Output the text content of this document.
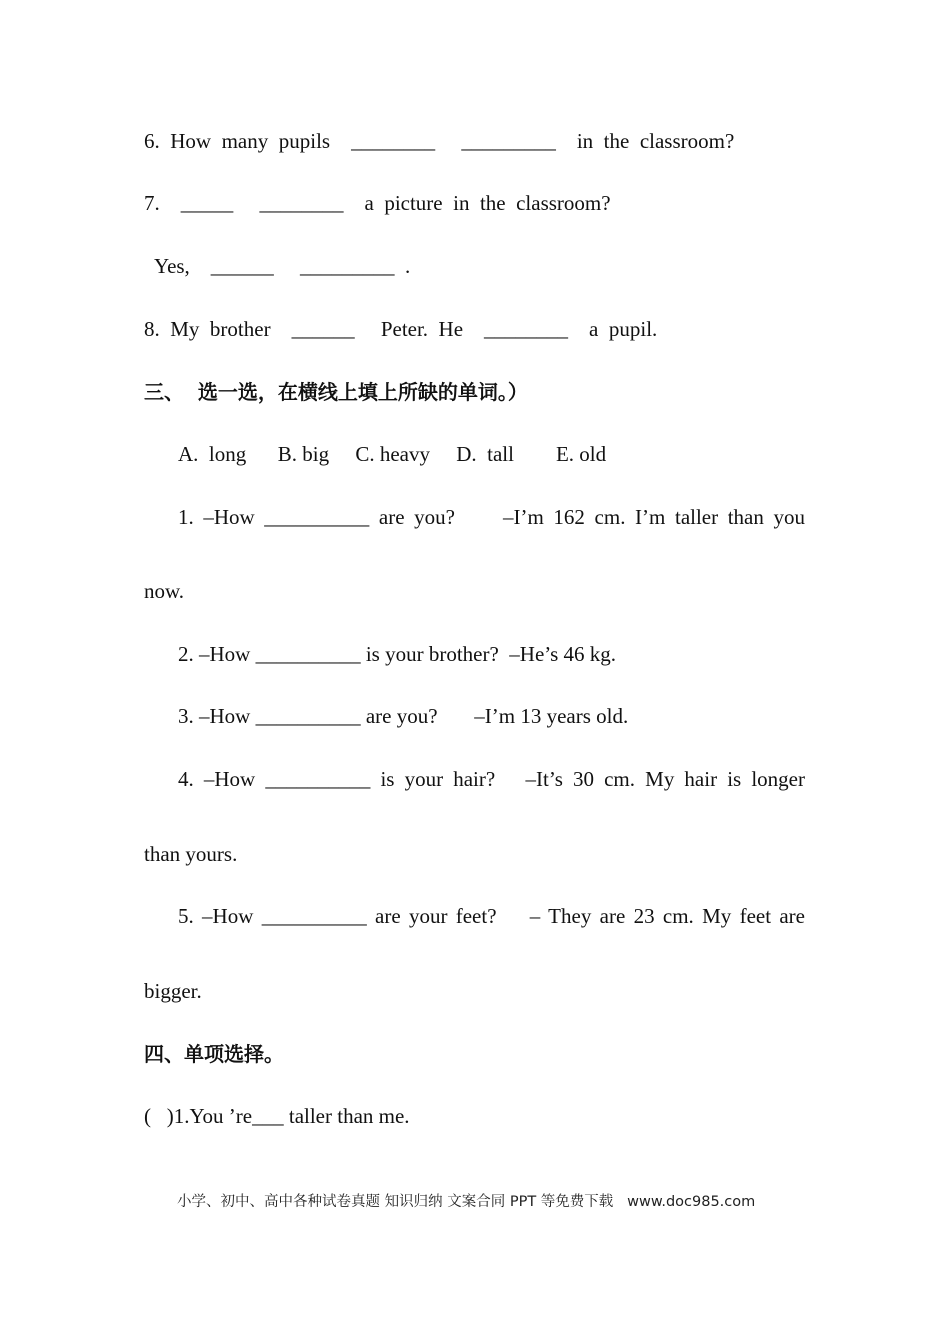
6.  How  many  pupils    ________     _________    in  the  classroom?
7.    _____     ________    a  picture  in  the  classroom?
Yes,    ______     _________  .
8.  My  brother    ______     Peter.  He    ________    a  pupil.
三、  选一选，在横线上填上所缺的单词。）
A.  long      B. big     C. heavy     D.  tall        E. old
1. –How __________ are you?     –I’m 162 cm. I’m taller than you
now.
2. –How __________ is your brother?  –He’s 46 kg.
3. –How __________ are you?       –I’m 13 years old.
4. –How __________ is your hair?   –It’s 30 cm. My hair is longer
than yours.
5. –How __________ are your feet?    – They are 23 cm. My feet are
bigger.
四、单项选择。
(   )1.You ’re___ taller than me.
小学、初中、高中各种试卷真题 知识归纳 文案合同 PPT 等免费下载   www.doc985.com
